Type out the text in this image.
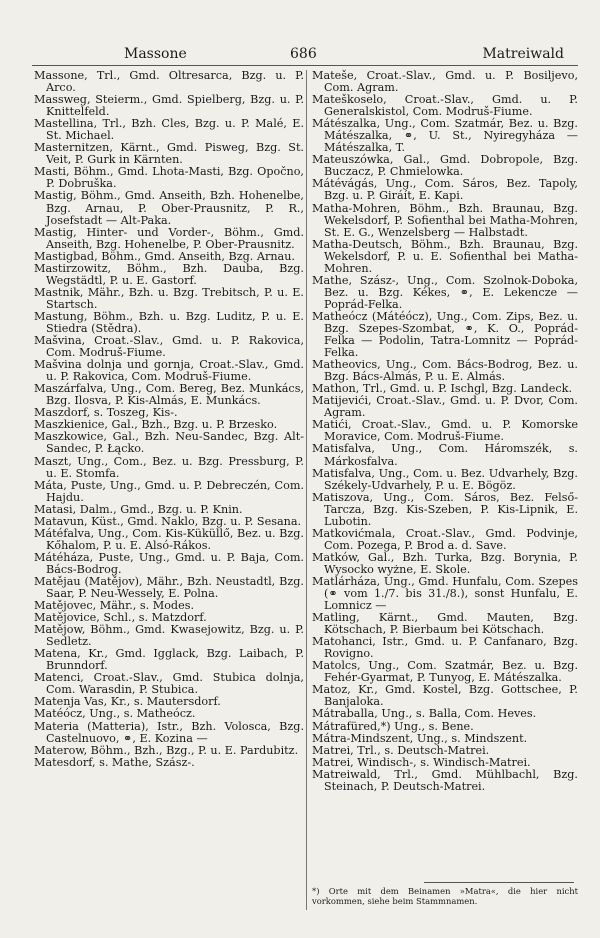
Massone	686	Matreiwald
Massone, Trl., Gmd. Oltresarca, Bzg. u. P. Arco.
Massweg, Steierm., Gmd. Spielberg, Bzg. u. P. Knittelfeld.
Mastellina, Trl., Bzh. Cles, Bzg. u. P. Malé, E. St. Michael.
Masternitzen, Kärnt., Gmd. Pisweg, Bzg. St. Veit, P. Gurk in Kärnten.
Masti, Böhm., Gmd. Lhota-Masti, Bzg. Opočno, P. Dobruška.
Mastig, Böhm., Gmd. Anseith, Bzh. Hohenelbe, Bzg. Arnau, P. Ober-Prausnitz, P. R., Josefstadt — Alt-Paka.
Mastig, Hinter- und Vorder-, Böhm., Gmd. Anseith, Bzg. Hohenelbe, P. Ober-Prausnitz.
Mastigbad, Böhm., Gmd. Anseith, Bzg. Arnau.
Mastirzowitz, Böhm., Bzh. Dauba, Bzg. Wegstädtl, P. u. E. Gastorf.
Mastnik, Mähr., Bzh. u. Bzg. Trebitsch, P. u. E. Startsch.
Mastung, Böhm., Bzh. u. Bzg. Luditz, P. u. E. Stiedra (Stědra).
Mašvina, Croat.-Slav., Gmd. u. P. Rakovica, Com. Modruš-Fiume.
Mašvina dolnja und gornja, Croat.-Slav., Gmd. u. P. Rakovica, Com. Modruš-Fiume.
Maszárfalva, Ung., Com. Bereg, Bez. Munkács, Bzg. Ilosva, P. Kis-Almás, E. Munkács.
Maszdorf, s. Toszeg, Kis-.
Maszkienice, Gal., Bzh., Bzg. u. P. Brzesko.
Maszkowice, Gal., Bzh. Neu-Sandec, Bzg. Alt-Sandec, P. Łącko.
Maszt, Ung., Com., Bez. u. Bzg. Pressburg, P. u. E. Stomfa.
Máta, Puste, Ung., Gmd. u. P. Debreczén, Com. Hajdu.
Matasi, Dalm., Gmd., Bzg. u. P. Knin.
Matavun, Küst., Gmd. Naklo, Bzg. u. P. Sesana.
Mátéfalva, Ung., Com. Kis-Küküllő, Bez. u. Bzg. Kőhalom, P. u. E. Alsó-Rákos.
Mátéháza, Puste, Ung., Gmd. u. P. Baja, Com. Bács-Bodrog.
Matějau (Matějov), Mähr., Bzh. Neustadtl, Bzg. Saar, P. Neu-Wessely, E. Polna.
Matějovec, Mähr., s. Modes.
Matějovice, Schl., s. Matzdorf.
Matějow, Böhm., Gmd. Kwasejowitz, Bzg. u. P. Sedletz.
Matena, Kr., Gmd. Igglack, Bzg. Laibach, P. Brunndorf.
Matenci, Croat.-Slav., Gmd. Stubica dolnja, Com. Warasdin, P. Stubica.
Matenja Vas, Kr., s. Mautersdorf.
Matéócz, Ung., s. Matheócz.
Materia (Matteria), Istr., Bzh. Volosca, Bzg. Castelnuovo, ⚭, E. Kozina —
Materow, Böhm., Bzh., Bzg., P. u. E. Pardubitz.
Matesdorf, s. Mathe, Szász-.
Mateše, Croat.-Slav., Gmd. u. P. Bosiljevo, Com. Agram.
Mateškoselo, Croat.-Slav., Gmd. u. P. Generalskistol, Com. Modruš-Fiume.
Mátészalka, Ung., Com. Szatmár, Bez. u. Bzg. Mátészalka, ⚭, U. St., Nyiregyháza — Mátészalka, T.
Mateuszówka, Gal., Gmd. Dobropole, Bzg. Buczacz, P. Chmielowka.
Mátévágás, Ung., Com. Sáros, Bez. Tapoly, Bzg. u. P. Giráít, E. Kapi.
Matha-Mohren, Böhm., Bzh. Braunau, Bzg. Wekelsdorf, P. Sofienthal bei Matha-Mohren, St. E. G., Wenzelsberg — Halbstadt.
Matha-Deutsch, Böhm., Bzh. Braunau, Bzg. Wekelsdorf, P. u. E. Sofienthal bei Matha-Mohren.
Mathe, Szász-, Ung., Com. Szolnok-Doboka, Bez. u. Bzg. Kékes, ⚭, E. Lekencze — Poprád-Felka.
Matheócz (Mátéócz), Ung., Com. Zips, Bez. u. Bzg. Szepes-Szombat, ⚭, K. O., Poprád-Felka — Podolin, Tatra-Lomnitz — Poprád-Felka.
Matheovics, Ung., Com. Bács-Bodrog, Bez. u. Bzg. Bács-Almás, P. u. E. Almás.
Mathon, Trl., Gmd. u. P. Ischgl, Bzg. Landeck.
Matijevići, Croat.-Slav., Gmd. u. P. Dvor, Com. Agram.
Matići, Croat.-Slav., Gmd. u. P. Komorske Moravice, Com. Modruš-Fiume.
Matisfalva, Ung., Com. Háromszék, s. Márkosfalva.
Matisfalva, Ung., Com. u. Bez. Udvarhely, Bzg. Székely-Udvarhely, P. u. E. Bögöz.
Matiszova, Ung., Com. Sáros, Bez. Felső-Tarcza, Bzg. Kis-Szeben, P. Kis-Lipnik, E. Lubotin.
Matkovićmala, Croat.-Slav., Gmd. Podvinje, Com. Pozega, P. Brod a. d. Save.
Matków, Gal., Bzh. Turka, Bzg. Borynia, P. Wysocko wyżne, E. Skole.
Matlárháza, Ung., Gmd. Hunfalu, Com. Szepes (⚭ vom 1./7. bis 31./8.), sonst Hunfalu, E. Lomnicz —
Matling, Kärnt., Gmd. Mauten, Bzg. Kötschach, P. Bierbaum bei Kötschach.
Matohanci, Istr., Gmd. u. P. Canfanaro, Bzg. Rovigno.
Matolcs, Ung., Com. Szatmár, Bez. u. Bzg. Fehér-Gyarmat, P. Tunyog, E. Mátészalka.
Matoz, Kr., Gmd. Kostel, Bzg. Gottschee, P. Banjaloka.
Mátraballa, Ung., s. Balla, Com. Heves.
Mátrafüred,*) Ung., s. Bene.
Mátra-Mindszent, Ung., s. Mindszent.
Matrei, Trl., s. Deutsch-Matrei.
Matrei, Windisch-, s. Windisch-Matrei.
Matreiwald, Trl., Gmd. Mühlbachl, Bzg. Steinach, P. Deutsch-Matrei.
*) Orte mit dem Beinamen »Matra«, die hier nicht vorkommen, siehe beim Stammnamen.
